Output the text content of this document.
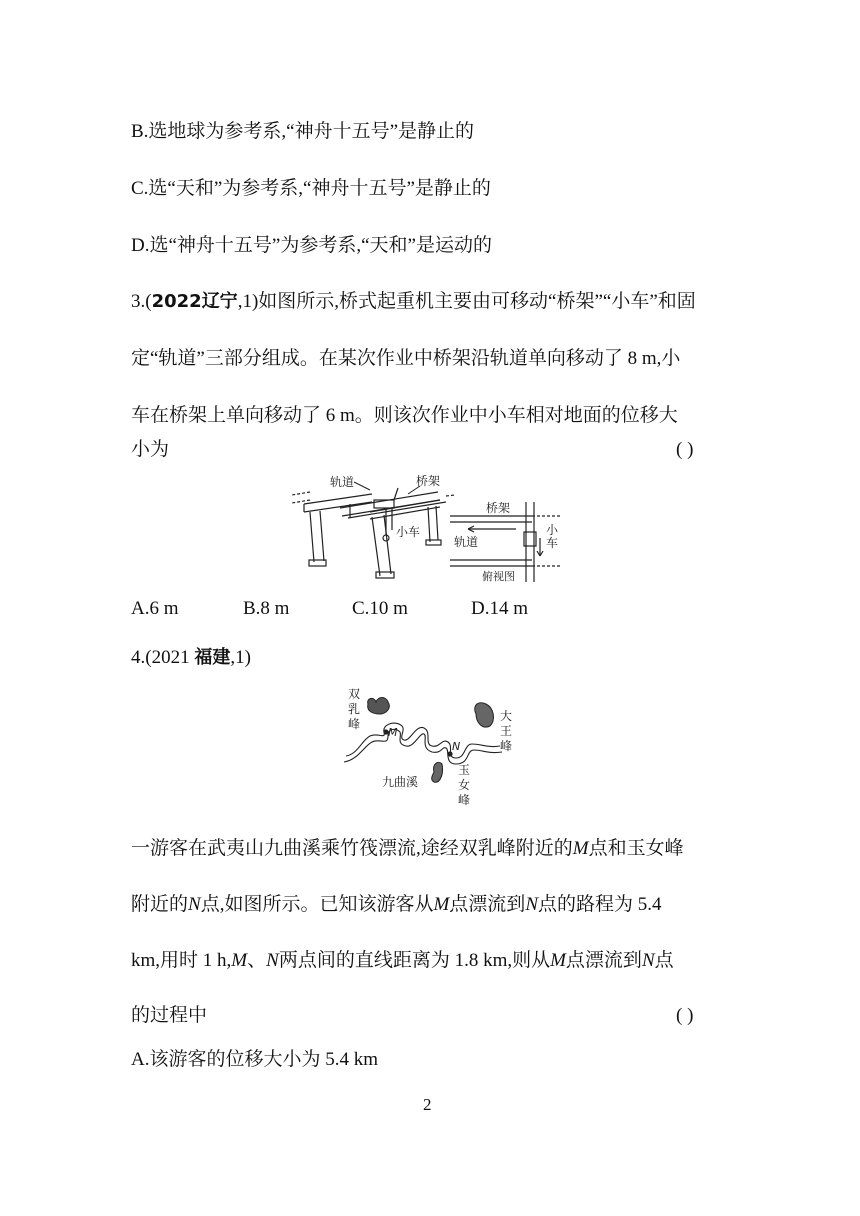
B.选地球为参考系,“神舟十五号”是静止的
C.选“天和”为参考系,“神舟十五号”是静止的
D.选“神舟十五号”为参考系,“天和”是运动的
3.(2022辽宁,1)如图所示,桥式起重机主要由可移动“桥架”“小车”和固
定“轨道”三部分组成。在某次作业中桥架沿轨道单向移动了 8 m,小
车在桥架上单向移动了 6 m。则该次作业中小车相对地面的位移大
小为	( )
轨道	桥架
小车
桥架
轨道
小
车
俯视图
A.6 m	B.8 m	C.10 m	D.14 m
4.(2021 福建,1)
双
乳
峰
大
王
峰
玉
女
峰
九曲溪
M
N
一游客在武夷山九曲溪乘竹筏漂流,途经双乳峰附近的M点和玉女峰
附近的N点,如图所示。已知该游客从M点漂流到N点的路程为 5.4
km,用时 1 h,M、N两点间的直线距离为 1.8 km,则从M点漂流到N点
的过程中	( )
A.该游客的位移大小为 5.4 km
2
